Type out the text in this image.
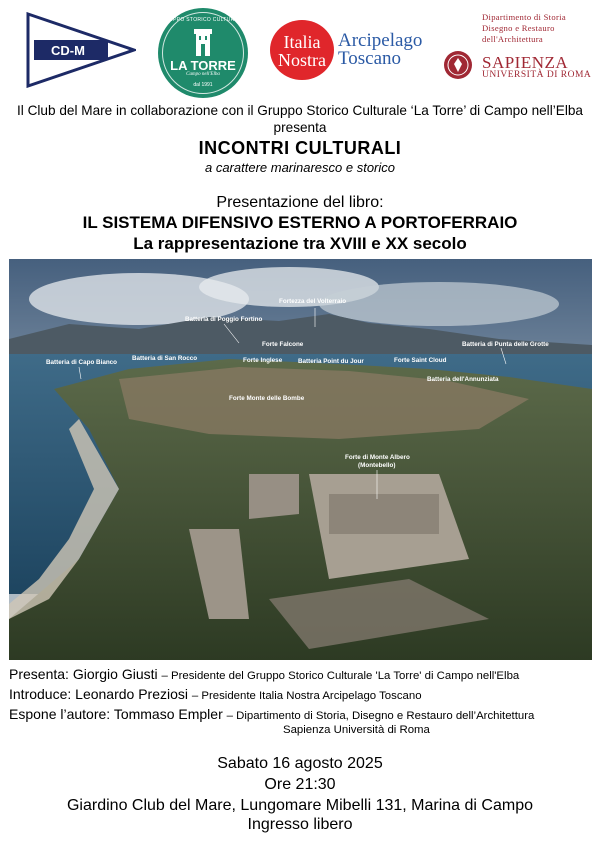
CD-M
GRUPPO STORICO CULTURALE
LA TORRE
Campo nell'Elba
dal 1991
Italia
Nostra
Arcipelago
Toscano
Dipartimento di Storia
Disegno e Restauro
dell'Architettura
SAPIENZA
UNIVERSITÀ DI ROMA
Il Club del Mare in collaborazione con il Gruppo Storico Culturale ‘La Torre’ di Campo nell’Elba
presenta
INCONTRI CULTURALI
a carattere marinaresco e storico
Presentazione del libro:
IL SISTEMA DIFENSIVO ESTERNO A PORTOFERRAIO
La rappresentazione tra XVIII e XX secolo
Fortezza del Volterraio
Batteria di Poggio Fortino
Forte Falcone	Batteria di Punta delle Grotte
Batteria di Capo Bianco
Batteria di San Rocco	Forte Inglese	Batteria Point du Jour	Forte Saint Cloud
Batteria dell'Annunziata
Forte Monte delle Bombe
Forte di Monte Albero
(Montebello)
Presenta: Giorgio Giusti – Presidente del Gruppo Storico Culturale 'La Torre' di Campo nell'Elba
Introduce: Leonardo Preziosi – Presidente Italia Nostra Arcipelago Toscano
Espone l’autore: Tommaso Empler – Dipartimento di Storia, Disegno e Restauro dell’Architettura
Sapienza Università di Roma
Sabato 16 agosto 2025
Ore 21:30
Giardino Club del Mare, Lungomare Mibelli 131, Marina di Campo
Ingresso libero
